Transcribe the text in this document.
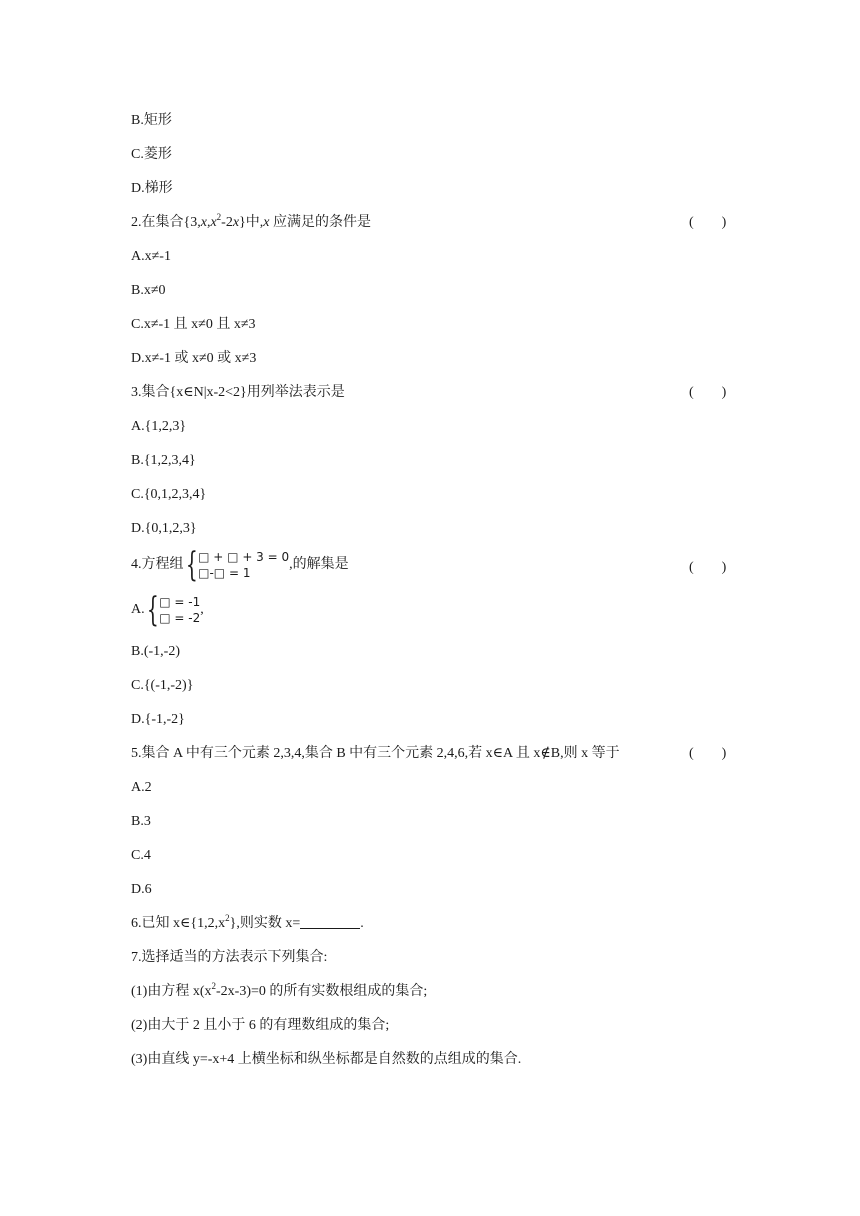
B.矩形
C.菱形
D.梯形
2.在集合$\{3,x,x^2-2x\}$中,x 应满足的条件是	( )
A.x≠-1
B.x≠0
C.x≠-1 且 x≠0 且 x≠3
D.x≠-1 或 x≠0 或 x≠3
3.集合{x∈N|x-2<2}用列举法表示是	( )
A.{1,2,3}
B.{1,2,3,4}
C.{0,1,2,3,4}
D.{0,1,2,3}
4.方程组{ □ + □ + 3 = 0
□-□ = 1
,的解集是	( )
A.{ □ = -1
□ = -2
,
B.(-1,-2)
C.{(-1,-2)}
D.{-1,-2}
5.集合 A 中有三个元素 2,3,4,集合 B 中有三个元素 2,4,6,若 x∈A 且 x∉B,则 x 等于	( )
A.2
B.3
C.4
D.6
6.已知 $x\in\{1,2,x^2\}$,则实数 x=	.
7.选择适当的方法表示下列集合:
(1)由方程 $x(x^2-2x-3)=0$ 的所有实数根组成的集合;
(2)由大于 2 且小于 6 的有理数组成的集合;
(3)由直线 y=-x+4 上横坐标和纵坐标都是自然数的点组成的集合.
